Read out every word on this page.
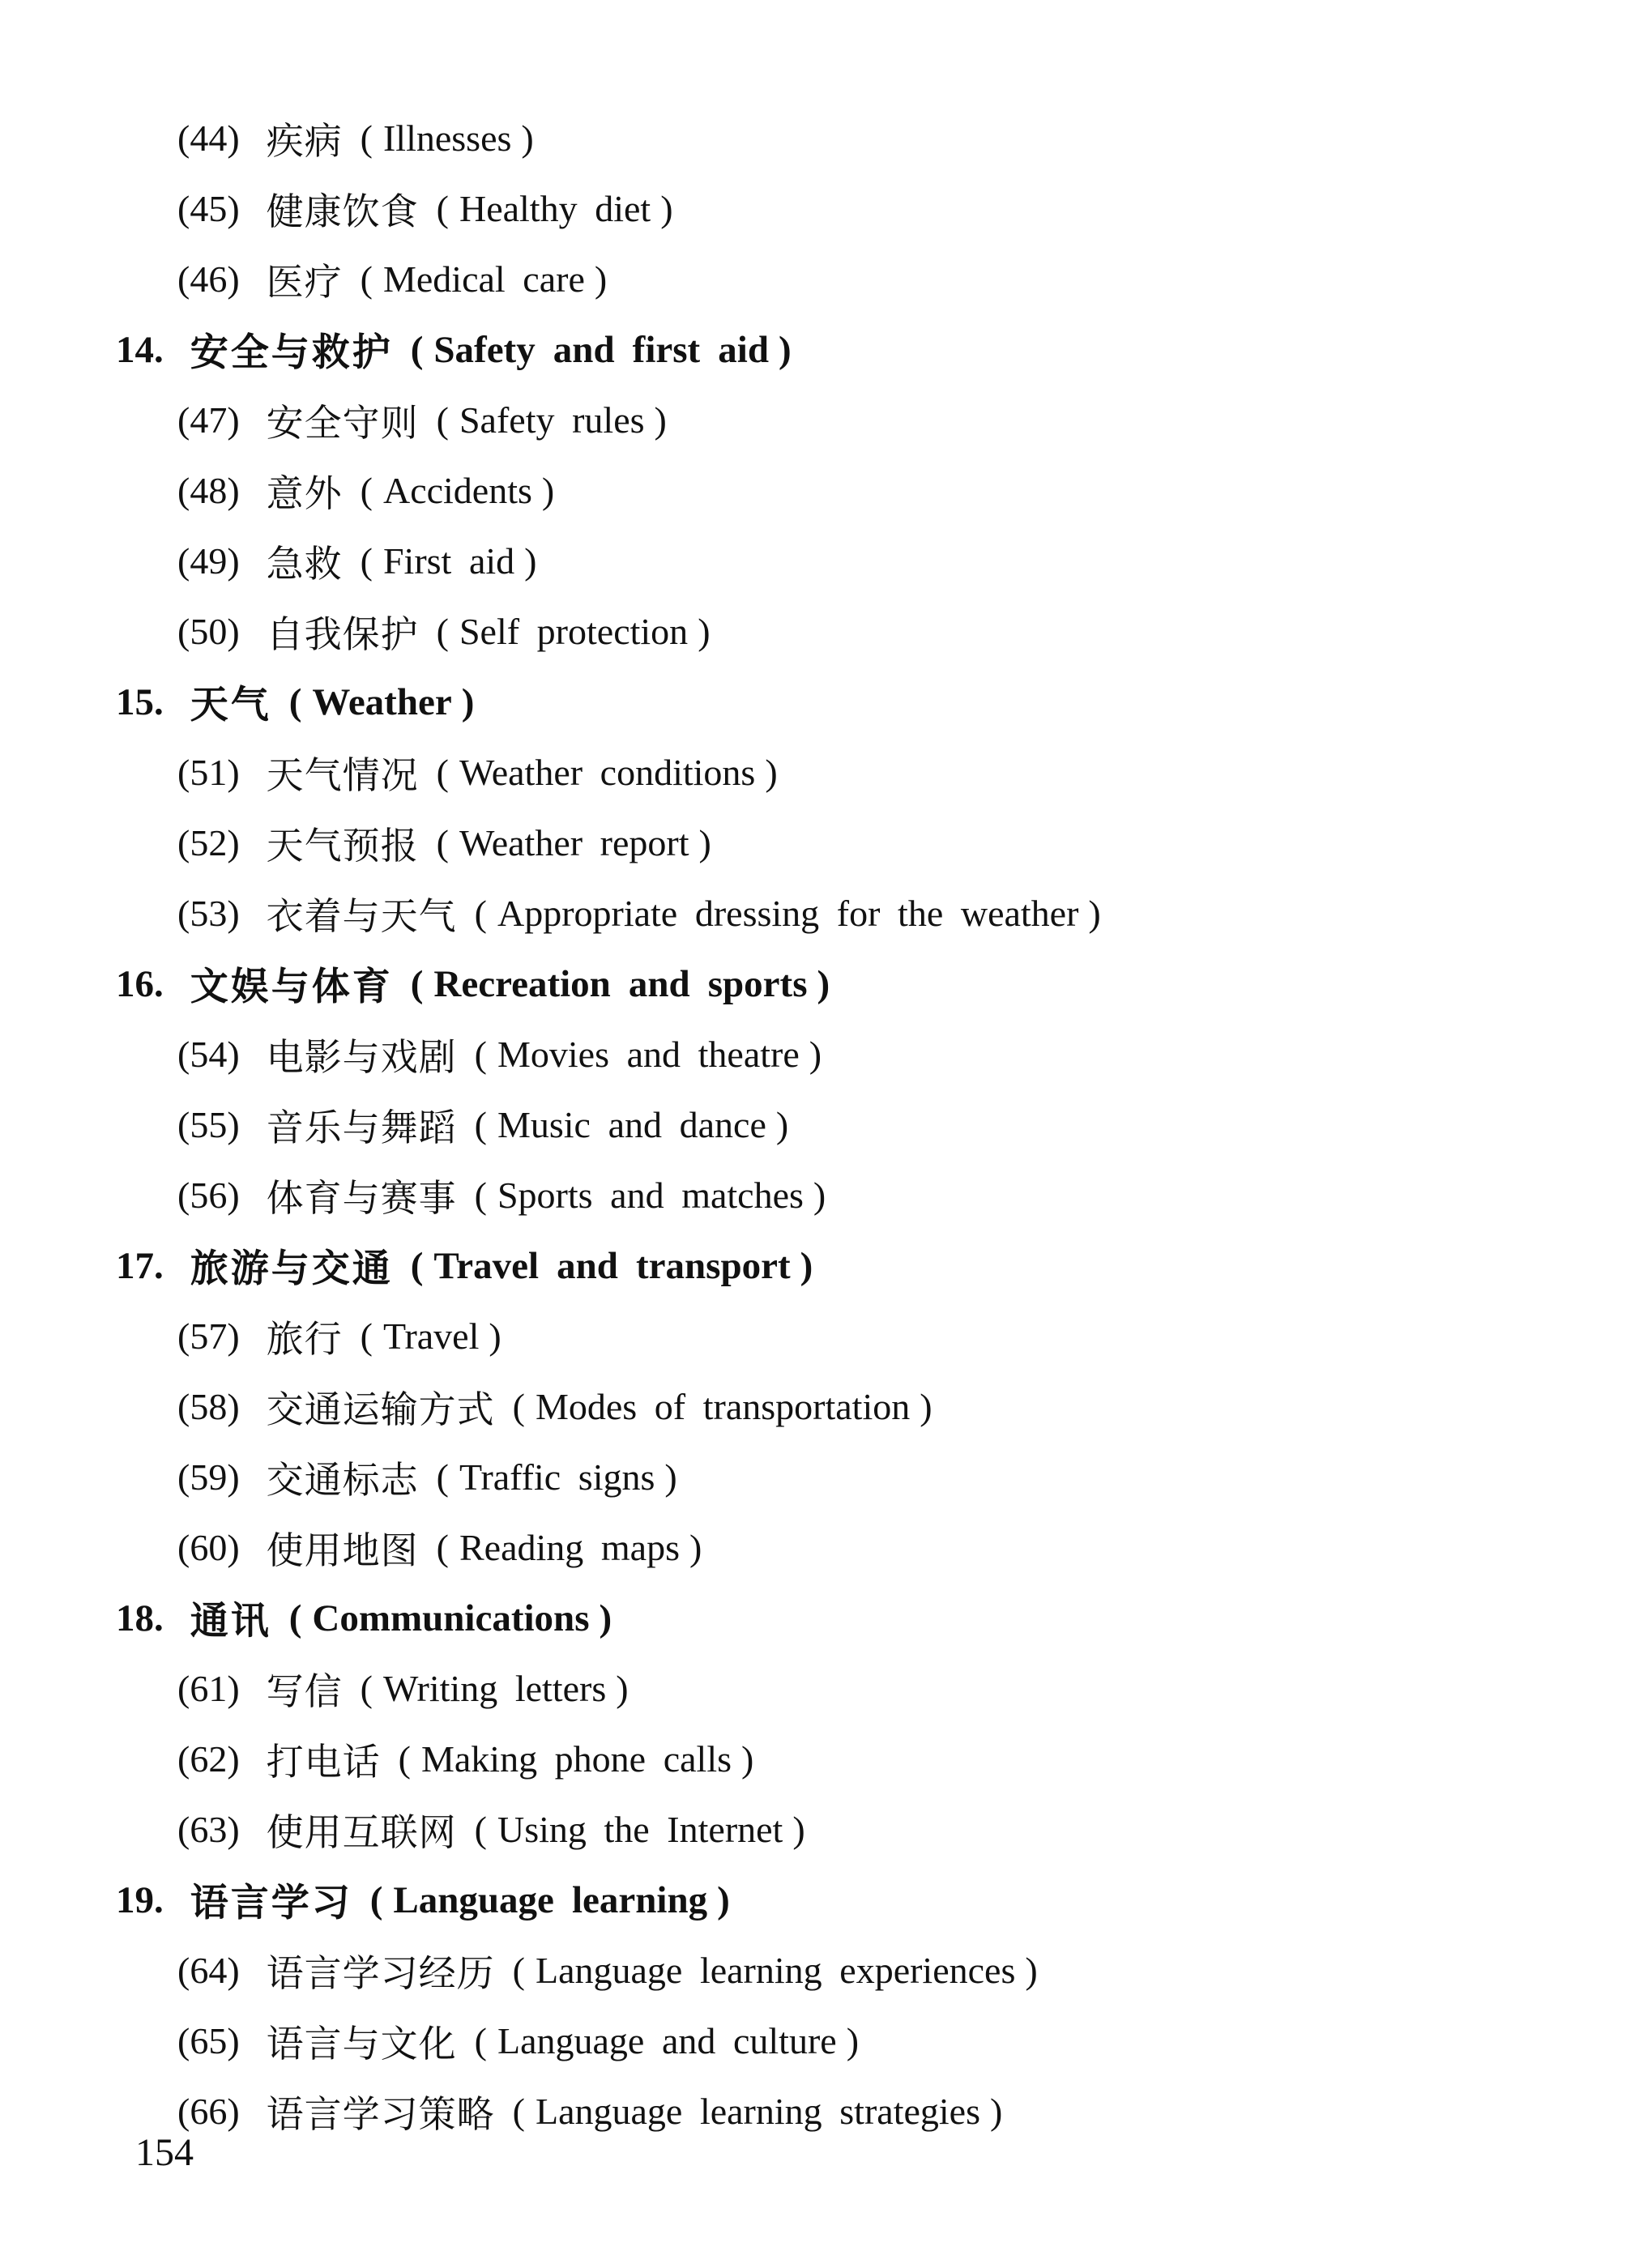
(44) 疾病 ( Illnesses )
(45) 健康饮食 ( Healthy diet )
(46) 医疗 ( Medical care )
14. 安全与救护 ( Safety and first aid )
(47) 安全守则 ( Safety rules )
(48) 意外 ( Accidents )
(49) 急救 ( First aid )
(50) 自我保护 ( Self protection )
15. 天气 ( Weather )
(51) 天气情况 ( Weather conditions )
(52) 天气预报 ( Weather report )
(53) 衣着与天气 ( Appropriate dressing for the weather )
16. 文娱与体育 ( Recreation and sports )
(54) 电影与戏剧 ( Movies and theatre )
(55) 音乐与舞蹈 ( Music and dance )
(56) 体育与赛事 ( Sports and matches )
17. 旅游与交通 ( Travel and transport )
(57) 旅行 ( Travel )
(58) 交通运输方式 ( Modes of transportation )
(59) 交通标志 ( Traffic signs )
(60) 使用地图 ( Reading maps )
18. 通讯 ( Communications )
(61) 写信 ( Writing letters )
(62) 打电话 ( Making phone calls )
(63) 使用互联网 ( Using the Internet )
19. 语言学习 ( Language learning )
(64) 语言学习经历 ( Language learning experiences )
(65) 语言与文化 ( Language and culture )
(66) 语言学习策略 ( Language learning strategies )
154
